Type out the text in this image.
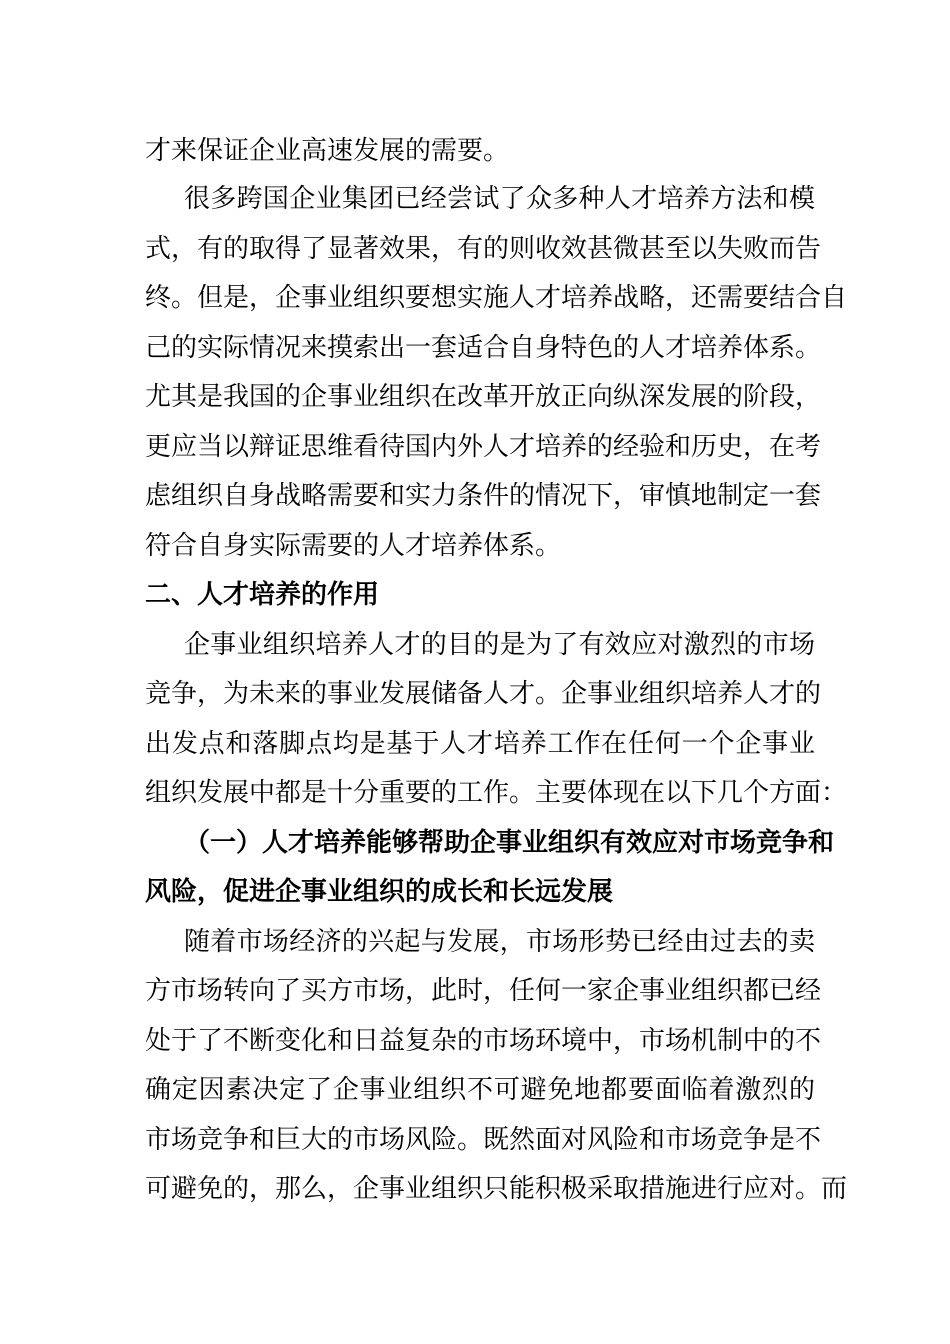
才来保证企业高速发展的需要。
很多跨国企业集团已经尝试了众多种人才培养方法和模
式，有的取得了显著效果，有的则收效甚微甚至以失败而告
终。但是，企事业组织要想实施人才培养战略，还需要结合自
己的实际情况来摸索出一套适合自身特色的人才培养体系。
尤其是我国的企事业组织在改革开放正向纵深发展的阶段，
更应当以辩证思维看待国内外人才培养的经验和历史，在考
虑组织自身战略需要和实力条件的情况下，审慎地制定一套
符合自身实际需要的人才培养体系。
二、人才培养的作用
企事业组织培养人才的目的是为了有效应对激烈的市场
竞争，为未来的事业发展储备人才。企事业组织培养人才的
出发点和落脚点均是基于人才培养工作在任何一个企事业
组织发展中都是十分重要的工作。主要体现在以下几个方面：
（一）人才培养能够帮助企事业组织有效应对市场竞争和
风险，促进企事业组织的成长和长远发展
随着市场经济的兴起与发展，市场形势已经由过去的卖
方市场转向了买方市场，此时，任何一家企事业组织都已经
处于了不断变化和日益复杂的市场环境中，市场机制中的不
确定因素决定了企事业组织不可避免地都要面临着激烈的
市场竞争和巨大的市场风险。既然面对风险和市场竞争是不
可避免的，那么，企事业组织只能积极采取措施进行应对。而
